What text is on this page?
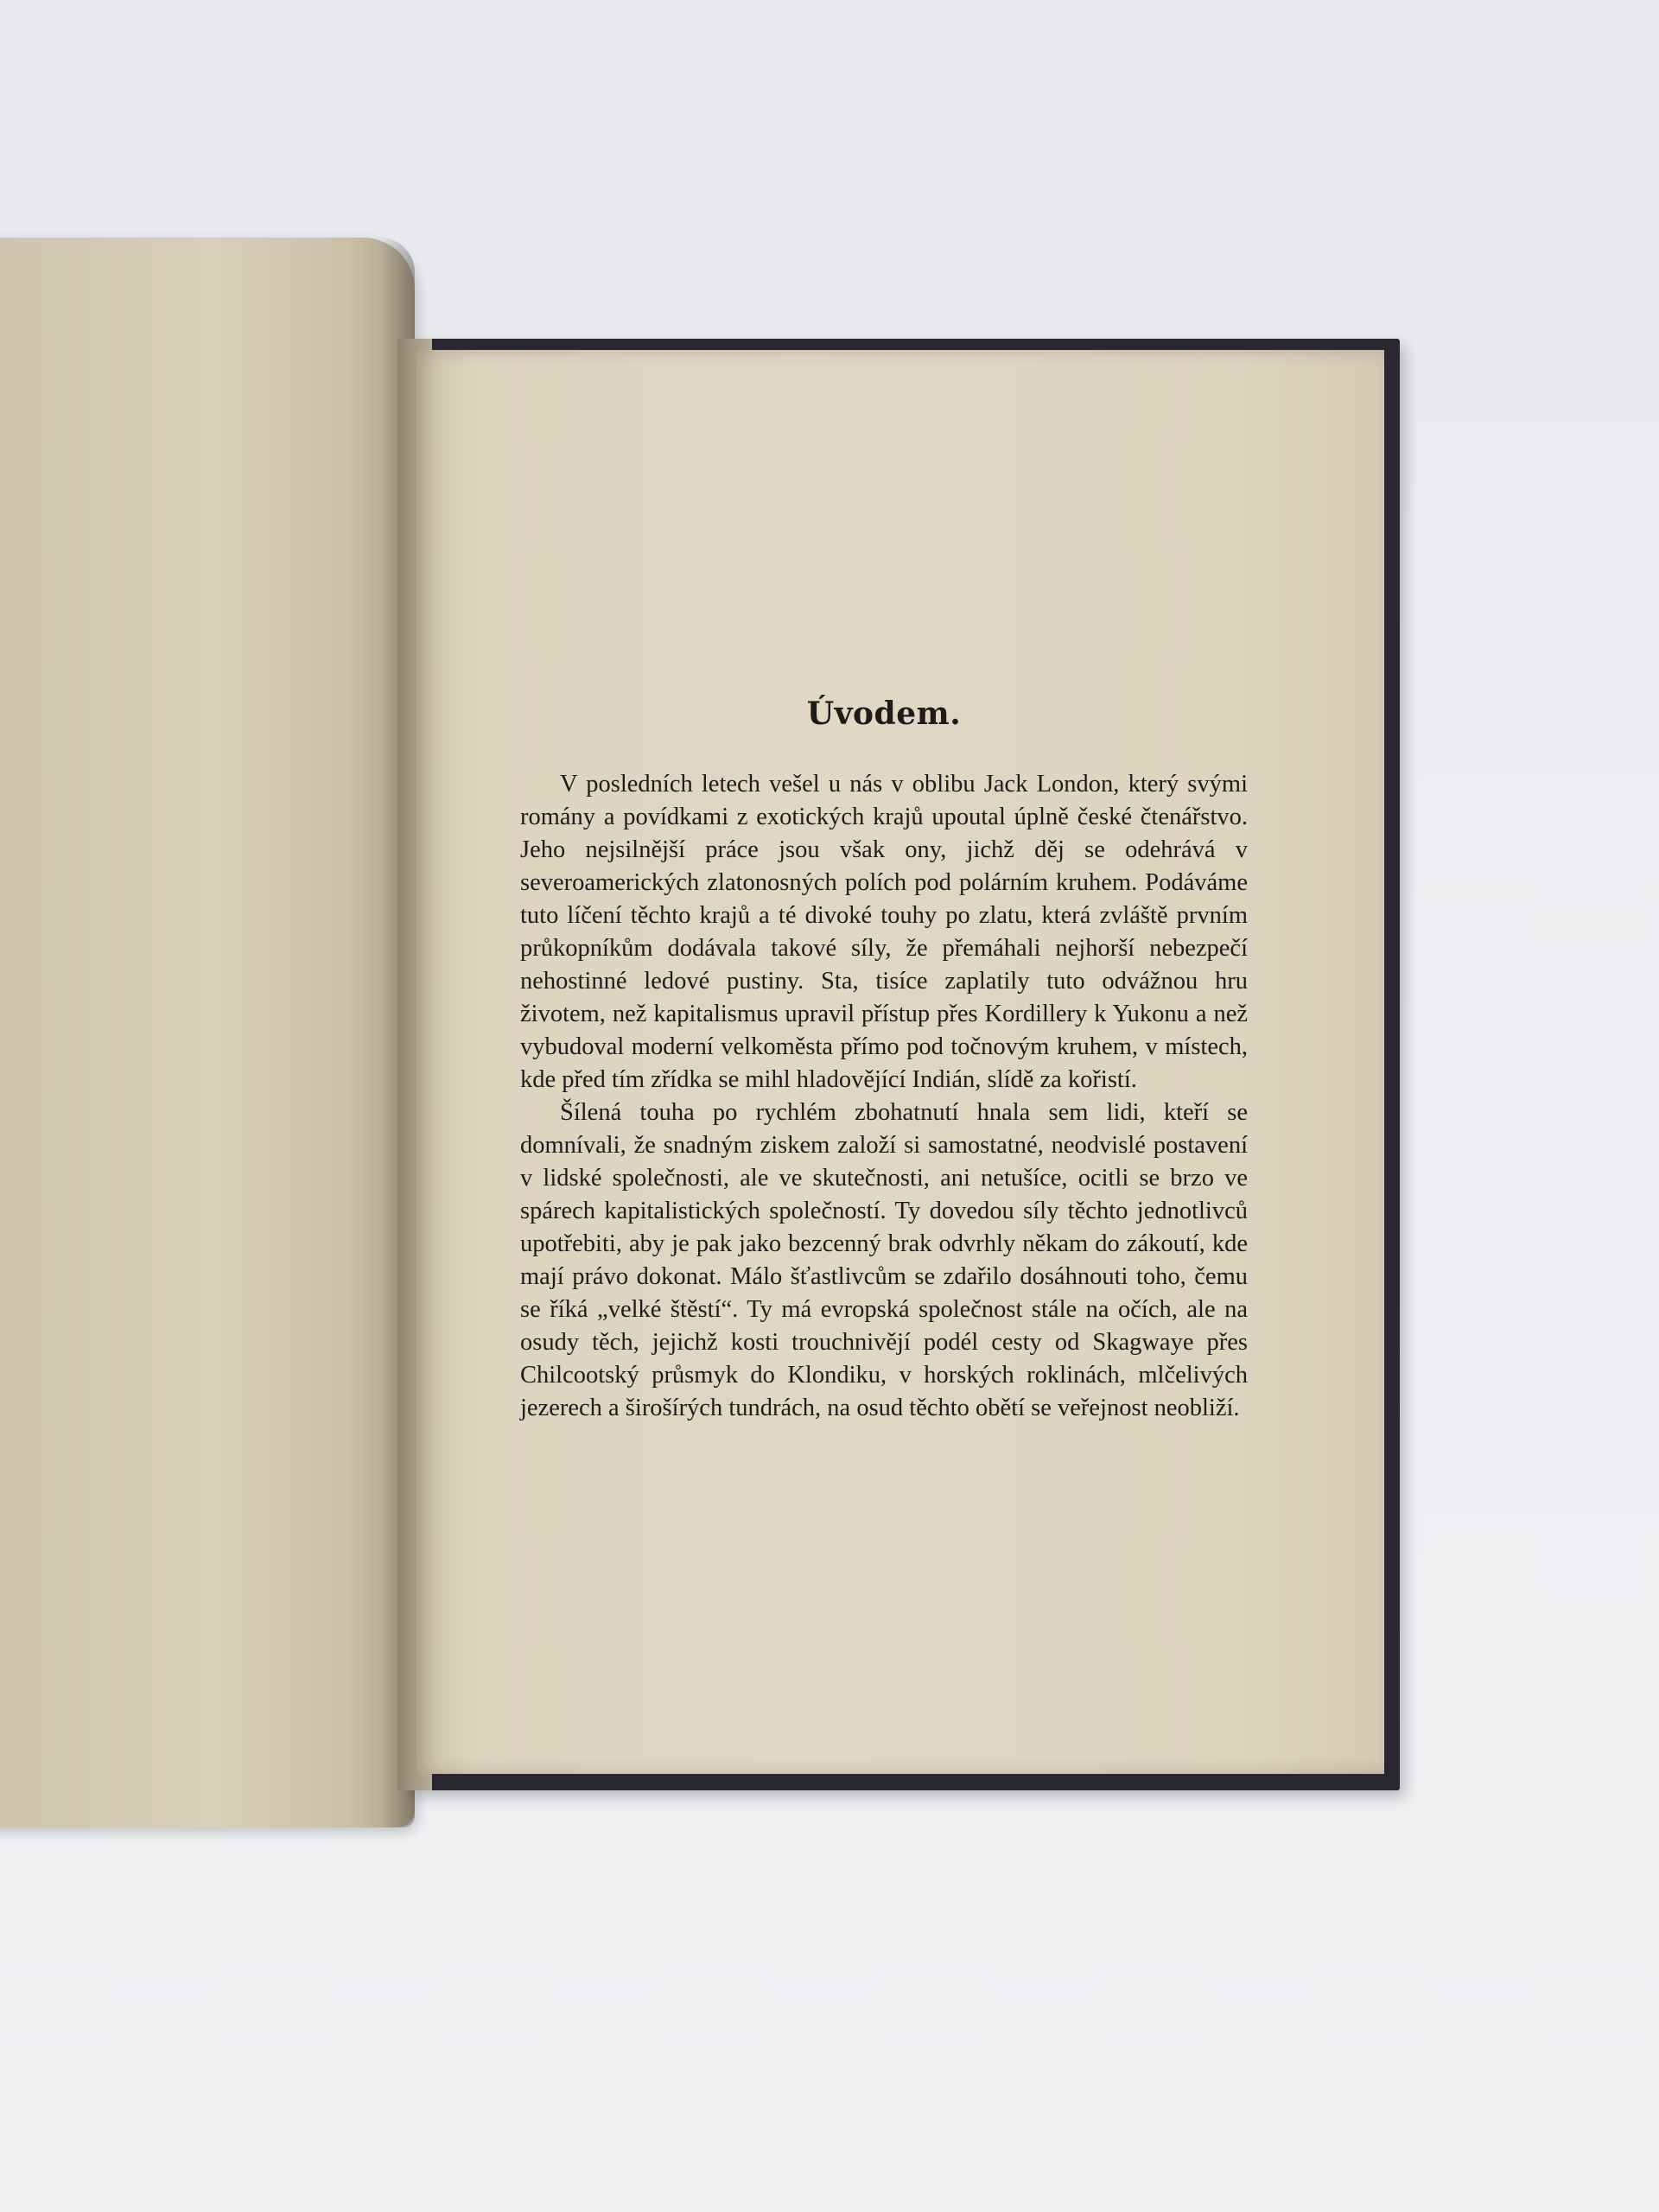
Úvodem.

V posledních letech vešel u nás v oblibu Jack London, který svými romány a povídkami z exotických krajů upoutal úplně české čtenářstvo. Jeho nejsilnější práce jsou však ony, jichž děj se odehrává v severoamerických zlatonosných polích pod polárním kruhem. Podáváme tuto líčení těchto krajů a té divoké touhy po zlatu, která zvláště prvním průkopníkům dodávala takové síly, že přemáhali nejhorší nebezpečí nehostinné ledové pustiny. Sta, tisíce zaplatily tuto odvážnou hru životem, než kapitalismus upravil přístup přes Kordillery k Yukonu a než vybudoval moderní velkoměsta přímo pod točnovým kruhem, v místech, kde před tím zřídka se mihl hladovějící Indián, slídě za kořistí.

Šílená touha po rychlém zbohatnutí hnala sem lidi, kteří se domnívali, že snadným ziskem založí si samostatné, neodvislé postavení v lidské společnosti, ale ve skutečnosti, ani netušíce, ocitli se brzo ve spárech kapitalistických společností. Ty dovedou síly těchto jednotlivců upotřebiti, aby je pak jako bezcenný brak odvrhly někam do zákoutí, kde mají právo dokonat. Málo šťastlivcům se zdařilo dosáhnouti toho, čemu se říká „velké štěstí“. Ty má evropská společnost stále na očích, ale na osudy těch, jejichž kosti trouchnivějí podél cesty od Skagwaye přes Chilcootský průsmyk do Klondiku, v horských roklinách, mlčelivých jezerech a širošírých tundrách, na osud těchto obětí se veřejnost neobliží.
